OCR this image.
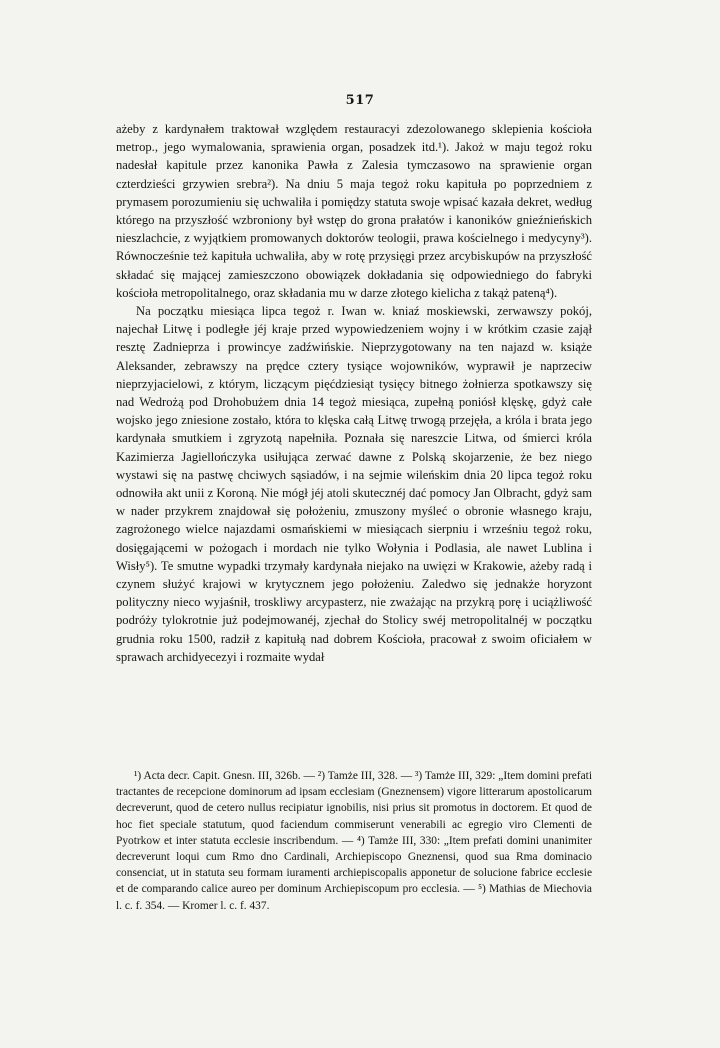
517

ażeby z kardynałem traktował względem restauracyi zdezolowanego sklepienia kościoła metrop., jego wymalowania, sprawienia organ, posadzek itd.¹). Jakoż w maju tegoż roku nadesłał kapitule przez kanonika Pawła z Zalesia tymczasowo na sprawienie organ czterdzieści grzywien srebra²). Na dniu 5 maja tegoż roku kapituła po poprzedniem z prymasem porozumieniu się uchwaliła i pomiędzy statuta swoje wpisać kazała dekret, według którego na przyszłość wzbroniony był wstęp do grona prałatów i kanoników gnieźnieńskich nieszlachcie, z wyjątkiem promowanych doktorów teologii, prawa kościelnego i medycyny³). Równocześnie też kapituła uchwaliła, aby w rotę przysięgi przez arcybiskupów na przyszłość składać się mającej zamieszczono obowiązek dokładania się odpowiedniego do fabryki kościoła metropolitalnego, oraz składania mu w darze złotego kielicha z takąż pateną⁴).

Na początku miesiąca lipca tegoż r. Iwan w. kniaź moskiewski, zerwawszy pokój, najechał Litwę i podległe jéj kraje przed wypowiedzeniem wojny i w krótkim czasie zajął resztę Zadnieprza i prowincye zadźwińskie. Nieprzygotowany na ten najazd w. książe Aleksander, zebrawszy na prędce cztery tysiące wojowników, wyprawił je naprzeciw nieprzyjacielowi, z którym, liczącym pięćdziesiąt tysięcy bitnego żołnierza spotkawszy się nad Wedrożą pod Drohobużem dnia 14 tegoż miesiąca, zupełną poniósł klęskę, gdyż całe wojsko jego zniesione zostało, która to klęska całą Litwę trwogą przejęła, a króla i brata jego kardynała smutkiem i zgryzotą napełniła. Poznała się nareszcie Litwa, od śmierci króla Kazimierza Jagiellończyka usiłująca zerwać dawne z Polską skojarzenie, że bez niego wystawi się na pastwę chciwych sąsiadów, i na sejmie wileńskim dnia 20 lipca tegoż roku odnowiła akt unii z Koroną. Nie mógł jéj atoli skutecznéj dać pomocy Jan Olbracht, gdyż sam w nader przykrem znajdował się położeniu, zmuszony myśleć o obronie własnego kraju, zagrożonego wielce najazdami osmańskiemi w miesiącach sierpniu i wrześniu tegoż roku, dosięgającemi w pożogach i mordach nie tylko Wołynia i Podlasia, ale nawet Lublina i Wisły⁵). Te smutne wypadki trzymały kardynała niejako na uwięzi w Krakowie, ażeby radą i czynem służyć krajowi w krytycznem jego położeniu. Zaledwo się jednakże horyzont polityczny nieco wyjaśnił, troskliwy arcypasterz, nie zważając na przykrą porę i uciążliwość podróży tylokrotnie już podejmowanéj, zjechał do Stolicy swéj metropolitalnéj w początku grudnia roku 1500, radził z kapitułą nad dobrem Kościoła, pracował z swoim oficiałem w sprawach archidyecezyi i rozmaite wydał

¹) Acta decr. Capit. Gnesn. III, 326b. — ²) Tamże III, 328. — ³) Tamże III, 329: „Item domini prefati tractantes de recepcione dominorum ad ipsam ecclesiam (Gneznensem) vigore litterarum apostolicarum decreverunt, quod de cetero nullus recipiatur ignobilis, nisi prius sit promotus in doctorem. Et quod de hoc fiet speciale statutum, quod faciendum commiserunt venerabili ac egregio viro Clementi de Pyotrkow et inter statuta ecclesie inscribendum. — ⁴) Tamże III, 330: „Item prefati domini unanimiter decreverunt loqui cum Rmo dno Cardinali, Archiepiscopo Gneznensi, quod sua Rma dominacio consenciat, ut in statuta seu formam iuramenti archiepiscopalis apponetur de solucione fabrice ecclesie et de comparando calice aureo per dominum Archiepiscopum pro ecclesia. — ⁵) Mathias de Miechovia l. c. f. 354. — Kromer l. c. f. 437.
